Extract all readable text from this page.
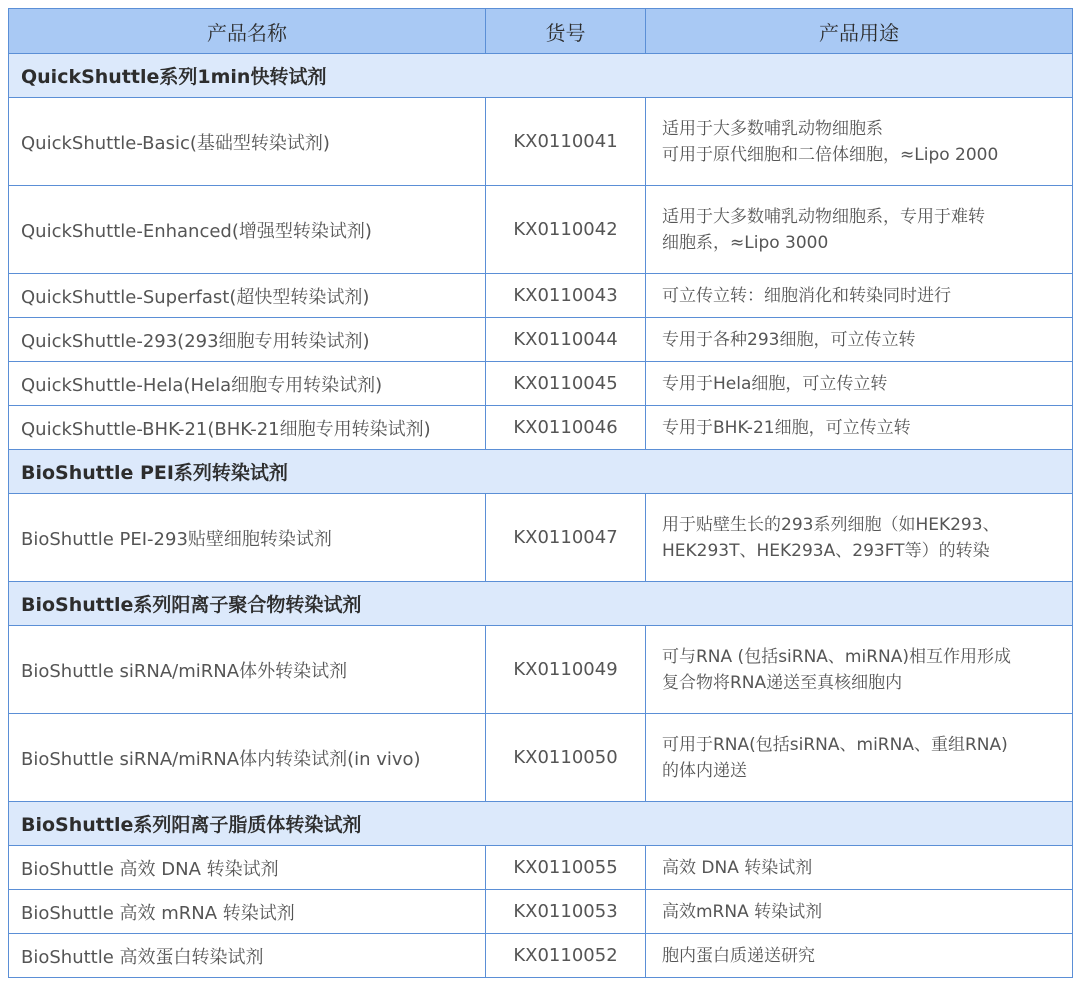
产品名称	货号	产品用途
QuickShuttle系列1min快转试剂		
QuickShuttle-Basic(基础型转染试剂)	KX0110041	适用于大多数哺乳动物细胞系
可用于原代细胞和二倍体细胞，≈Lipo 2000

QuickShuttle-Enhanced(增强型转染试剂)	KX0110042	适用于大多数哺乳动物细胞系，专用于难转
细胞系，≈Lipo 3000

QuickShuttle-Superfast(超快型转染试剂)	KX0110043	可立传立转：细胞消化和转染同时进行

QuickShuttle-293(293细胞专用转染试剂)	KX0110044	专用于各种293细胞，可立传立转

QuickShuttle-Hela(Hela细胞专用转染试剂)	KX0110045	专用于Hela细胞，可立传立转

QuickShuttle-BHK-21(BHK-21细胞专用转染试剂)	KX0110046	专用于BHK-21细胞，可立传立转

BioShuttle PEI系列转染试剂		
BioShuttle PEI-293贴壁细胞转染试剂	KX0110047	用于贴壁生长的293系列细胞（如HEK293、
HEK293T、HEK293A、293FT等）的转染

BioShuttle系列阳离子聚合物转染试剂		
BioShuttle siRNA/miRNA体外转染试剂	KX0110049	可与RNA (包括siRNA、miRNA)相互作用形成
复合物将RNA递送至真核细胞内

BioShuttle siRNA/miRNA体内转染试剂(in vivo)	KX0110050	可用于RNA(包括siRNA、miRNA、重组RNA)
的体内递送

BioShuttle系列阳离子脂质体转染试剂		
BioShuttle 高效 DNA 转染试剂	KX0110055	高效 DNA 转染试剂

BioShuttle 高效 mRNA 转染试剂	KX0110053	高效mRNA 转染试剂

BioShuttle 高效蛋白转染试剂	KX0110052	胞内蛋白质递送研究
